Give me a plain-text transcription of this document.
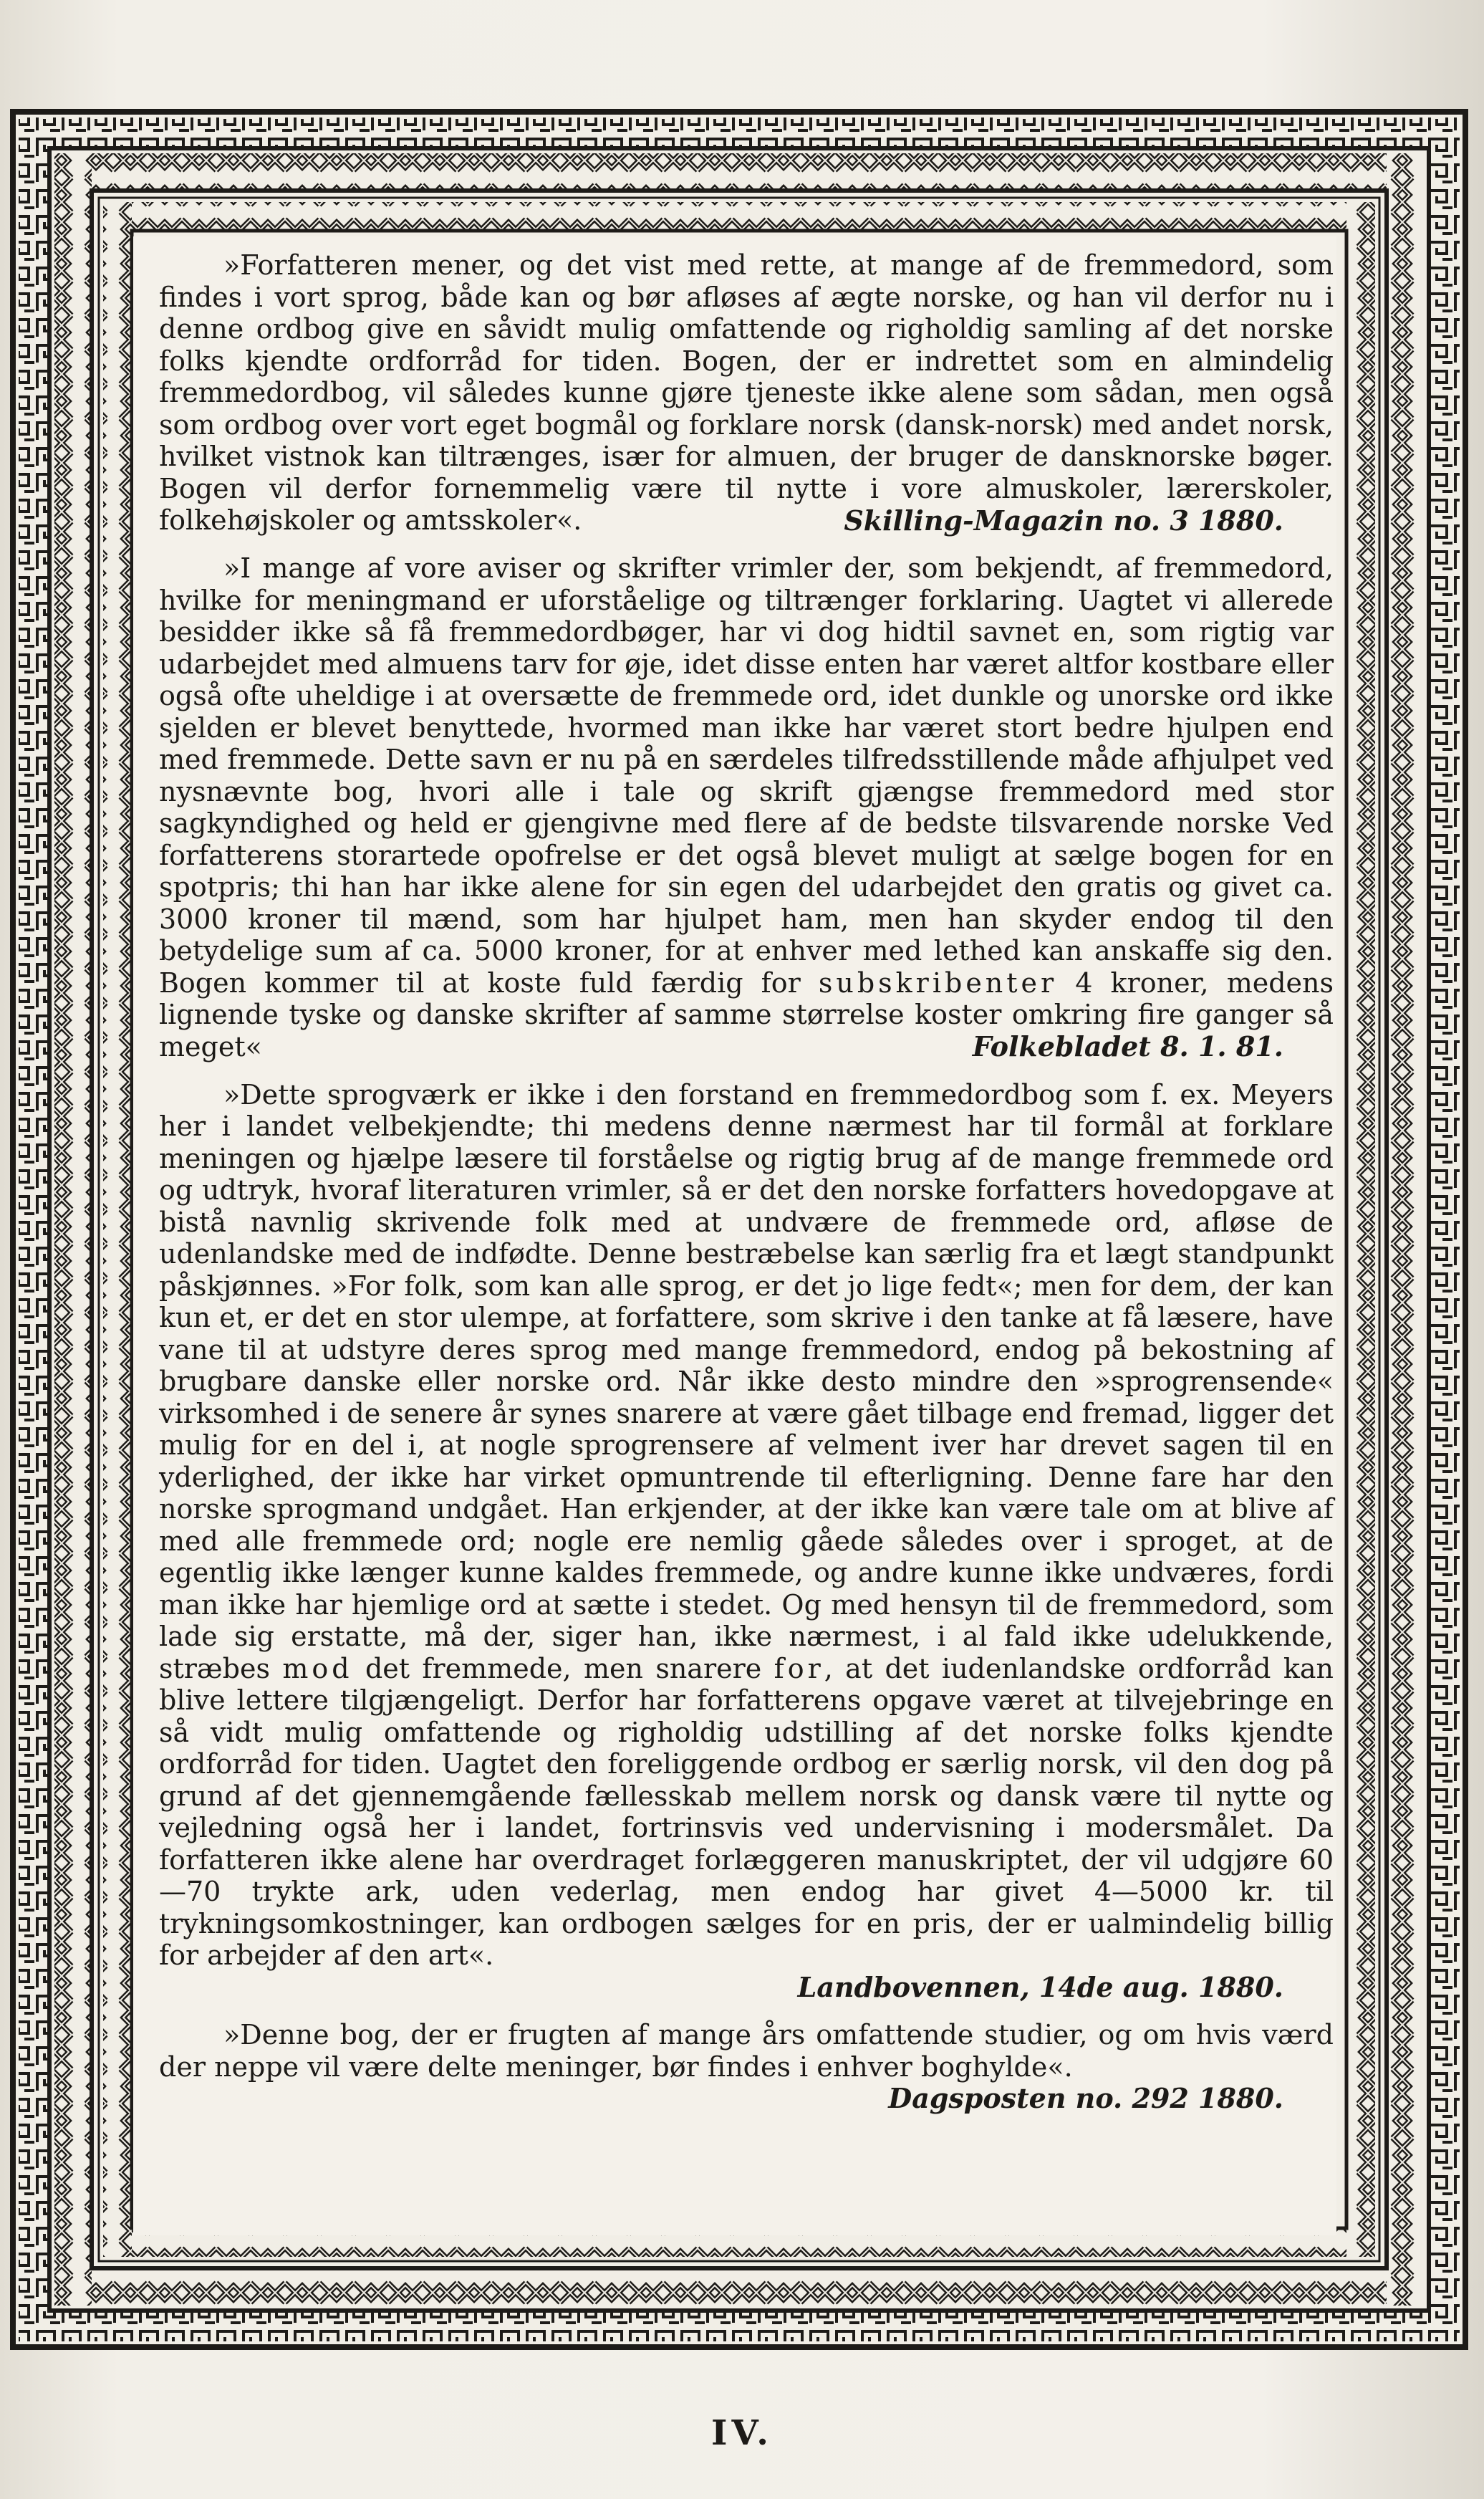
»Forfatteren mener, og det vist med rette, at mange af de fremmedord, som findes i vort sprog, både kan og bør afløses af ægte norske, og han vil derfor nu i denne ordbog give en såvidt mulig omfattende og righoldig samling af det norske folks kjendte ordforråd for tiden. Bogen, der er indrettet som en almindelig fremmedordbog, vil således kunne gjøre tjeneste ikke alene som sådan, men også som ordbog over vort eget bogmål og forklare norsk (dansk-norsk) med andet norsk, hvilket vistnok kan tiltrænges, især for almuen, der bruger de dansknorske bøger. Bogen vil derfor fornemmelig være til nytte i vore almuskoler, lærerskoler, folkehøjskoler og amtsskoler«.	Skilling-Magazin no. 3 1880.

»I mange af vore aviser og skrifter vrimler der, som bekjendt, af fremmedord, hvilke for meningmand er uforståelige og tiltrænger forklaring. Uagtet vi allerede besidder ikke så få fremmedordbøger, har vi dog hidtil savnet en, som rigtig var udarbejdet med almuens tarv for øje, idet disse enten har været altfor kostbare eller også ofte uheldige i at oversætte de fremmede ord, idet dunkle og unorske ord ikke sjelden er blevet benyttede, hvormed man ikke har været stort bedre hjulpen end med fremmede. Dette savn er nu på en særdeles tilfredsstillende måde afhjulpet ved nysnævnte bog, hvori alle i tale og skrift gjængse fremmedord med stor sagkyndighed og held er gjengivne med flere af de bedste tilsvarende norske Ved forfatterens storartede opofrelse er det også blevet muligt at sælge bogen for en spotpris; thi han har ikke alene for sin egen del udarbejdet den gratis og givet ca. 3000 kroner til mænd, som har hjulpet ham, men han skyder endog til den betydelige sum af ca. 5000 kroner, for at enhver med lethed kan anskaffe sig den. Bogen kommer til at koste fuld færdig for subskribenter 4 kroner, medens lignende tyske og danske skrifter af samme størrelse koster omkring fire ganger så meget«	Folkebladet 8. 1. 81.

»Dette sprogværk er ikke i den forstand en fremmedordbog som f. ex. Meyers her i landet velbekjendte; thi medens denne nærmest har til formål at forklare meningen og hjælpe læsere til forståelse og rigtig brug af de mange fremmede ord og udtryk, hvoraf literaturen vrimler, så er det den norske forfatters hovedopgave at bistå navnlig skrivende folk med at undvære de fremmede ord, afløse de udenlandske med de indfødte. Denne bestræbelse kan særlig fra et lægt standpunkt påskjønnes. »For folk, som kan alle sprog, er det jo lige fedt«; men for dem, der kan kun et, er det en stor ulempe, at forfattere, som skrive i den tanke at få læsere, have vane til at udstyre deres sprog med mange fremmedord, endog på bekostning af brugbare danske eller norske ord. Når ikke desto mindre den »sprogrensende« virksomhed i de senere år synes snarere at være gået tilbage end fremad, ligger det mulig for en del i, at nogle sprogrensere af velment iver har drevet sagen til en yderlighed, der ikke har virket opmuntrende til efterligning. Denne fare har den norske sprogmand undgået. Han erkjender, at der ikke kan være tale om at blive af med alle fremmede ord; nogle ere nemlig gåede således over i sproget, at de egentlig ikke længer kunne kaldes fremmede, og andre kunne ikke undværes, fordi man ikke har hjemlige ord at sætte i stedet. Og med hensyn til de fremmedord, som lade sig erstatte, må der, siger han, ikke nærmest, i al fald ikke udelukkende, stræbes mod det fremmede, men snarere for, at det iudenlandske ordforråd kan blive lettere tilgjængeligt. Derfor har forfatterens opgave været at tilvejebringe en så vidt mulig omfattende og righoldig udstilling af det norske folks kjendte ordforråd for tiden. Uagtet den foreliggende ordbog er særlig norsk, vil den dog på grund af det gjennemgående fællesskab mellem norsk og dansk være til nytte og vejledning også her i landet, fortrinsvis ved undervisning i modersmålet. Da forfatteren ikke alene har overdraget forlæggeren manuskriptet, der vil udgjøre 60—70 trykte ark, uden vederlag, men endog har givet 4—5000 kr. til trykningsomkostninger, kan ordbogen sælges for en pris, der er ualmindelig billig for arbejder af den art«.

Landbovennen, 14de aug. 1880.

»Denne bog, der er frugten af mange års omfattende studier, og om hvis værd der neppe vil være delte meninger, bør findes i enhver boghylde«.

Dagsposten no. 292 1880.
IV.
